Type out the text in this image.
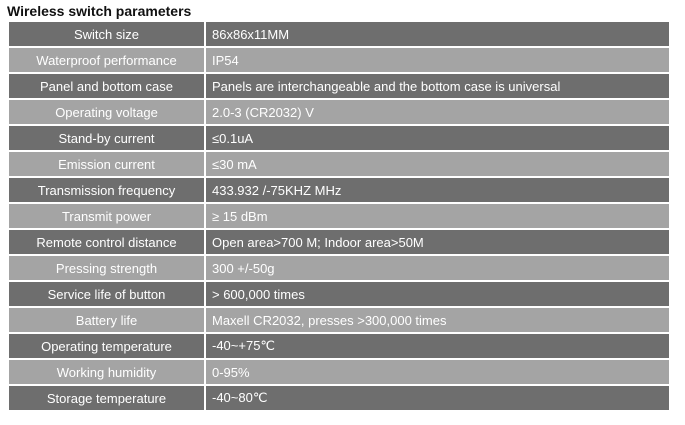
Wireless switch parameters
Switch size	86x86x11MM
Waterproof performance	IP54
Panel and bottom case	Panels are interchangeable and the bottom case is universal
Operating voltage	2.0-3 (CR2032) V
Stand-by current	≤0.1uA
Emission current	≤30 mA
Transmission frequency	433.932 /-75KHZ MHz
Transmit power	≥ 15 dBm
Remote control distance	Open area>700 M; Indoor area>50M
Pressing strength	300 +/-50g
Service life of button	> 600,000 times
Battery life	Maxell CR2032, presses >300,000 times
Operating temperature	-40~+75℃
Working humidity	0-95%
Storage temperature	-40~80℃
